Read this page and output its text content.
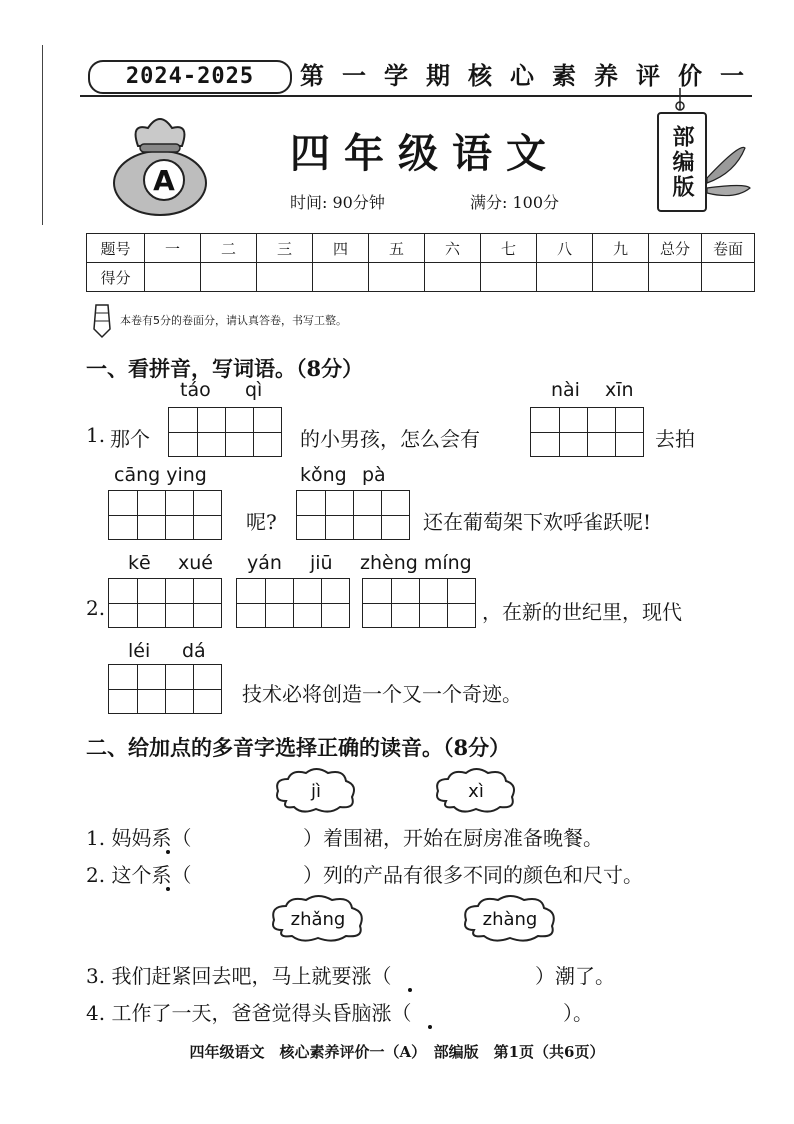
2024-2025	第一学期核心素养评价一
A
四年级语文
时间: 90分钟	满分: 100分
部编版
题号	一	二	三	四	五	六	七	八	九	总分	卷面
得分											
本卷有5分的卷面分，请认真答卷，书写工整。
一、看拼音，写词语。（8分）
táo qì	nài xīn
1. 那个	的小男孩，怎么会有	去拍
cāng ying	kǒng pà
呢?	还在葡萄架下欢呼雀跃呢!
kē xué yán jiū zhèng míng
2.	，在新的世纪里，现代
léi dá
技术必将创造一个又一个奇迹。
二、给加点的多音字选择正确的读音。（8分）
jì	xì
1. 妈妈系（	）着围裙，开始在厨房准备晚餐。
2. 这个系（	）列的产品有很多不同的颜色和尺寸。
zhǎng	zhàng
3. 我们赶紧回去吧，马上就要涨（	）潮了。
4. 工作了一天，爸爸觉得头昏脑涨（	）。
四年级语文　核心素养评价一（A）　部编版　第1页（共6页）
